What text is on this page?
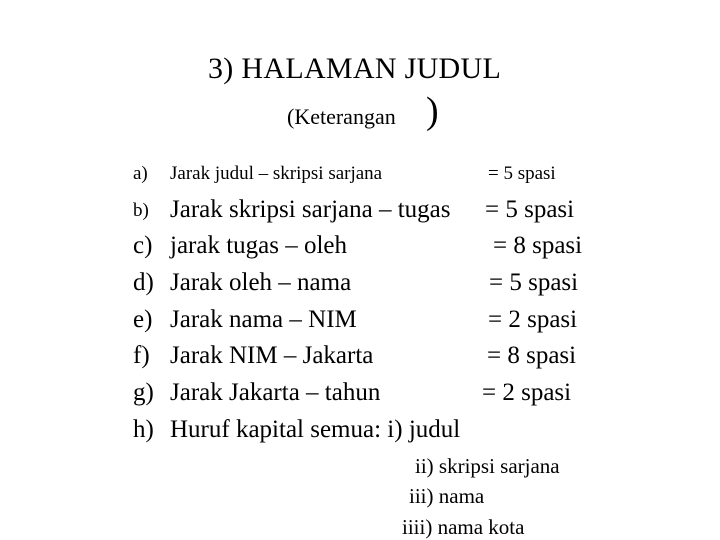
3) HALAMAN JUDUL
(Keterangan )
a) Jarak judul – skripsi sarjana	= 5 spasi
b) Jarak skripsi sarjana – tugas = 5 spasi
c) jarak tugas – oleh	= 8 spasi
d) Jarak oleh – nama	= 5 spasi
e) Jarak nama – NIM	= 2 spasi
f) Jarak NIM – Jakarta	= 8 spasi
g) Jarak Jakarta – tahun	= 2 spasi
h) Huruf kapital semua: i) judul
ii) skripsi sarjana
iii) nama
iiii) nama kota
